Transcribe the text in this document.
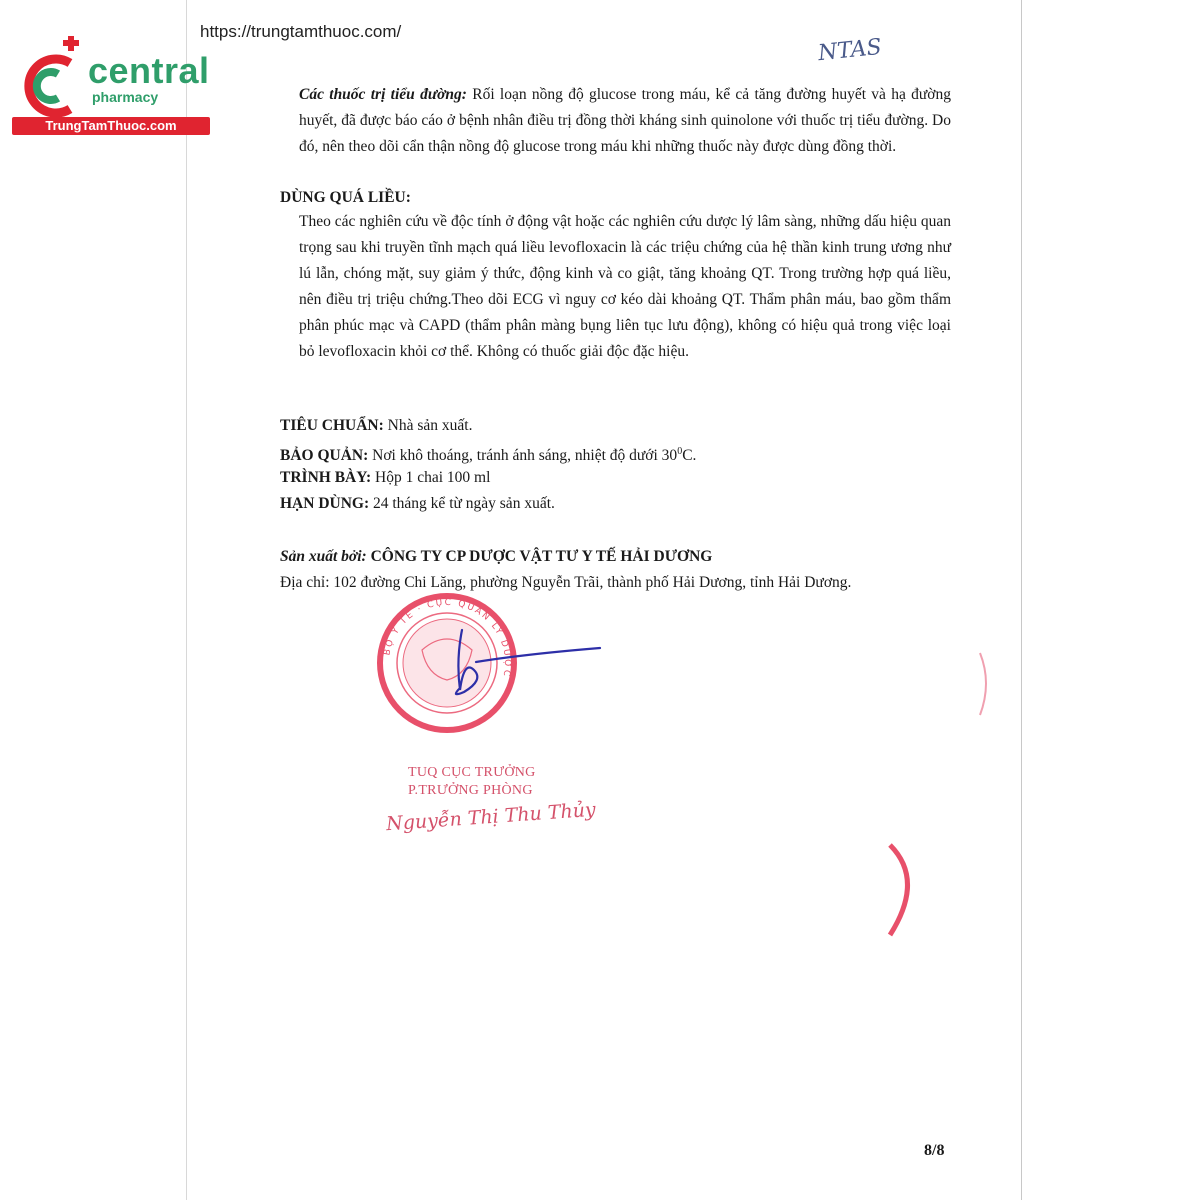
https://trungtamthuoc.com/
central
pharmacy
TrungTamThuoc.com
NTAS
Các thuốc trị tiểu đường: Rối loạn nồng độ glucose trong máu, kể cả tăng đường huyết và hạ đường huyết, đã được báo cáo ở bệnh nhân điều trị đồng thời kháng sinh quinolone với thuốc trị tiểu đường. Do đó, nên theo dõi cẩn thận nồng độ glucose trong máu khi những thuốc này được dùng đồng thời.
DÙNG QUÁ LIỀU:
Theo các nghiên cứu về độc tính ở động vật hoặc các nghiên cứu dược lý lâm sàng, những dấu hiệu quan trọng sau khi truyền tĩnh mạch quá liều levofloxacin là các triệu chứng của hệ thần kinh trung ương như lú lẫn, chóng mặt, suy giảm ý thức, động kinh và co giật, tăng khoảng QT. Trong trường hợp quá liều, nên điều trị triệu chứng.Theo dõi ECG vì nguy cơ kéo dài khoảng QT. Thẩm phân máu, bao gồm thẩm phân phúc mạc và CAPD (thẩm phân màng bụng liên tục lưu động), không có hiệu quả trong việc loại bỏ levofloxacin khỏi cơ thể. Không có thuốc giải độc đặc hiệu.
TIÊU CHUẨN: Nhà sản xuất.
BẢO QUẢN: Nơi khô thoáng, tránh ánh sáng, nhiệt độ dưới $30^0C$.
TRÌNH BÀY: Hộp 1 chai 100 ml
HẠN DÙNG: 24 tháng kể từ ngày sản xuất.
Sản xuất bởi: CÔNG TY CP DƯỢC VẬT TƯ Y TẾ HẢI DƯƠNG
Địa chỉ: 102 đường Chi Lăng, phường Nguyễn Trãi, thành phố Hải Dương, tỉnh Hải Dương.
BỘ Y TẾ · CỤC QUẢN LÝ DƯỢC
TUQ CỤC TRƯỞNG
P.TRƯỞNG PHÒNG
Nguyễn Thị Thu Thủy
8/8
